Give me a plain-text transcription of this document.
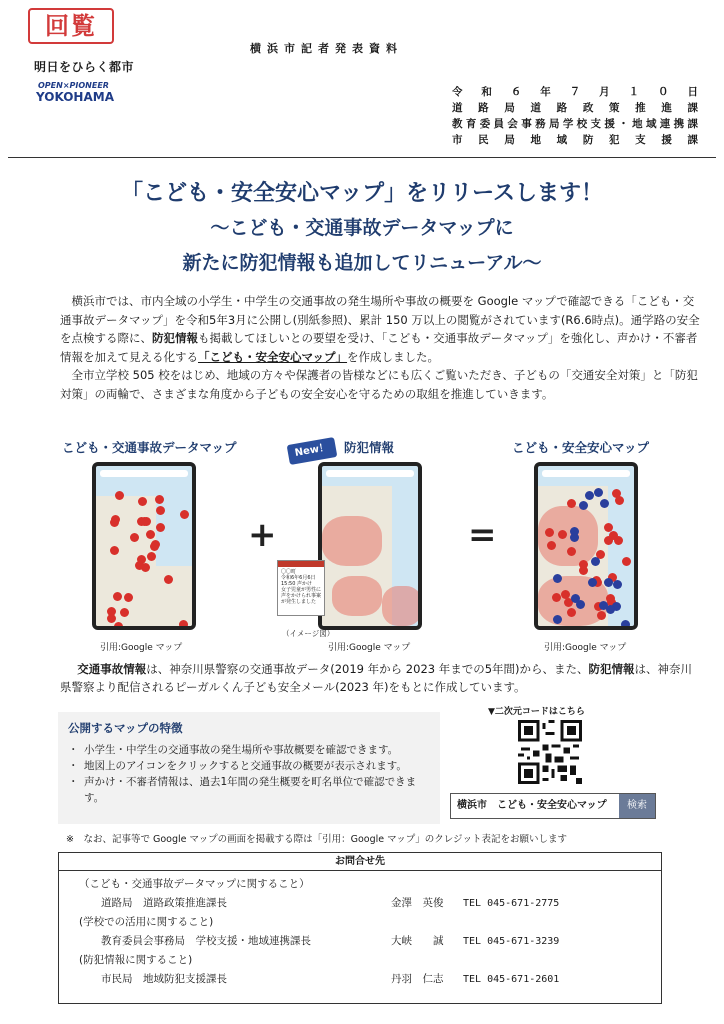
回覧
明日をひらく都市
OPEN×PIONEER
YOKOHAMA
横浜市記者発表資料
令和６年７月１０日
道路局道路政策推進課
教育委員会事務局学校支援・地域連携課
市民局地域防犯支援課
「こども・安全安心マップ」をリリースします！
～こども・交通事故データマップに
新たに防犯情報も追加してリニューアル～

横浜市では、市内全域の小学生・中学生の交通事故の発生場所や事故の概要を Google マップで確認できる「こども・交通事故データマップ」を令和5年3月に公開し(別紙参照)、累計 150 万以上の閲覧がされています(R6.6時点)。通学路の安全を点検する際に、防犯情報も掲載してほしいとの要望を受け、「こども・交通事故データマップ」を強化し、声かけ・不審者情報を加えて見える化する「こども・安全安心マップ」を作成しました。

全市立学校 505 校をはじめ、地域の方々や保護者の皆様などにも広くご覧いただき、子どもの「交通安全対策」と「防犯対策」の両輪で、さまざまな角度から子どもの安全安心を守るための取組を推進していきます。

こども・交通事故データマップ	New！	防犯情報	こども・安全安心マップ
+
〇〇町
令和6年6月6日
15:50 声かけ
女子児童が男性に声をかけられ事案が発生しました
（イメージ図）
=
引用:Google マップ	引用:Google マップ	引用:Google マップ

交通事故情報は、神奈川県警察の交通事故データ(2019 年から 2023 年までの5年間)から、また、防犯情報は、神奈川県警察より配信されるピーガルくん子ども安全メール(2023 年)をもとに作成しています。

公開するマップの特徴
・ 小学生・中学生の交通事故の発生場所や事故概要を確認できます。
・ 地図上のアイコンをクリックすると交通事故の概要が表示されます。
・ 声かけ・不審者情報は、過去1年間の発生概要を町名単位で確認できます。
▼二次元コードはこちら
横浜市　こども・安全安心マップ	検索
※　なお、記事等で Google マップの画面を掲載する際は「引用：Google マップ」のクレジット表記をお願いします
お問合せ先
（こども・交通事故データマップに関すること）
道路局　道路政策推進課長	金澤　英俊 TEL 045-671-2775
(学校での活用に関すること)
教育委員会事務局　学校支援・地域連携課長	大峡　　誠 TEL 045-671-3239
(防犯情報に関すること)
市民局　地域防犯支援課長	丹羽　仁志 TEL 045-671-2601
